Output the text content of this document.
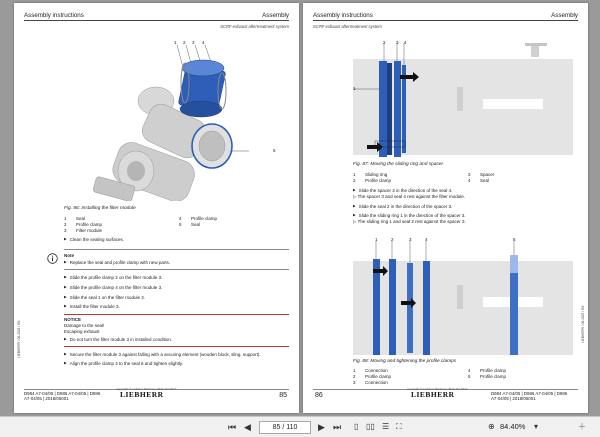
Assembly instructions	Assembly
SCRF exhaust aftertreatment system
1 2 3 4
5
Fig. 86: Installing the filter module
1 Seal	4 Profile clamp
2 Profile clamp	5 Seal
3 Filter module
▶ Clean the sealing surfaces.
Note
▶ Replace the seal and profile clamp with new parts.
▶ Slide the profile clamp 2 on the filter module 3.
▶ Slide the profile clamp 4 on the filter module 3.
▶ Slide the seal 1 on the filter module 3.
▶ Install the filter module 3.
NOTICE
Damage to the seal!
Escaping exhaust
▶ Do not turn the filter module 3 in installed condition.
▶ Secure the filter module 3 against falling with a securing element (wooden block, sling, support).
▶ Align the profile clamp 4 to the seal 6 and tighten slightly.
LIEBHERR / 06-2023 / EN
D984 A7-04/05 | D986 A7-04/05 | D986
A7-04/05 | 2018/05001
copyright © Liebherr Machines Bulle SA 2017
LIEBHERR	85
Assembly instructions	Assembly
SCRF exhaust aftertreatment system
2 3 4
1
Fig. 87: Moving the sliding ring and spacer
1 Sliding ring	3 Spacer
2 Profile clamp	4 Seal
▶ Slide the spacer 3 in the direction of the seal 4.
▷ The spacer 3 and seal 4 rest against the filter module.
▶ Slide the seal 2 in the direction of the spacer 3.
▶ Slide the sliding ring 1 in the direction of the spacer 3.
▷ The sliding ring 1 and seal 2 rest against the spacer 3.
1	2	3	4	5
Fig. 88: Moving and tightening the profile clamps
1 Connection	4 Profile clamp
2 Profile clamp	5 Profile clamp
3 Connection
LIEBHERR / 06-2023 / EN
86
copyright © Liebherr Machines Bulle SA 2017
LIEBHERR	D984 A7-04/05 | D986 A7-04/05 | D986
A7-04/05 | 2018/05001
⏮ ◀	85 / 110	▶ ⏭ ▯ ▯▯ ☰ ⛶	⊕ 84.40% ▾	＋
